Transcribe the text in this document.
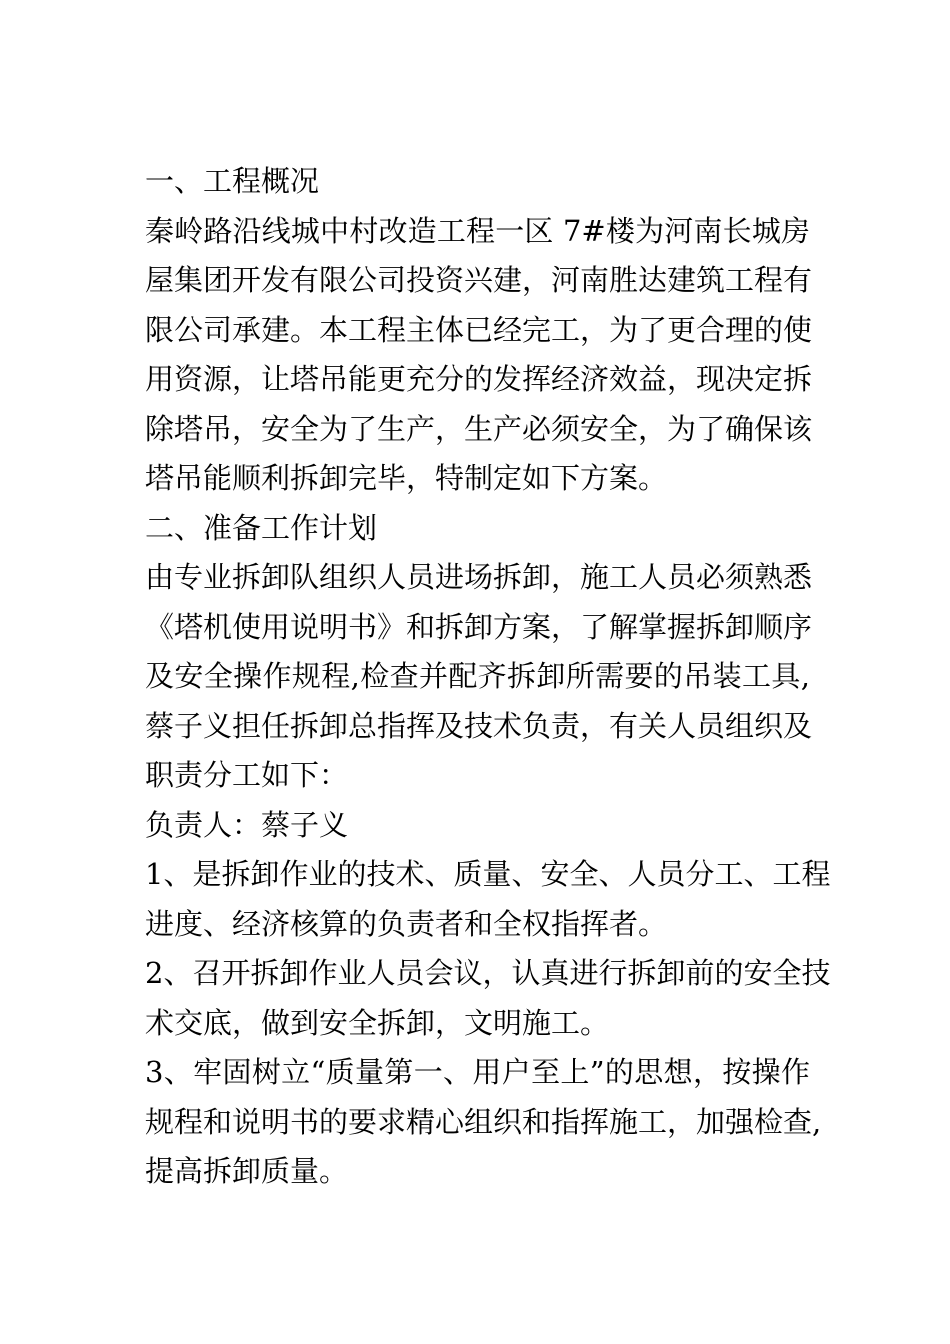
一、工程概况
秦岭路沿线城中村改造工程一区 7#楼为河南长城房
屋集团开发有限公司投资兴建，河南胜达建筑工程有
限公司承建。本工程主体已经完工，为了更合理的使
用资源，让塔吊能更充分的发挥经济效益，现决定拆
除塔吊，安全为了生产，生产必须安全，为了确保该
塔吊能顺利拆卸完毕，特制定如下方案。
二、准备工作计划
由专业拆卸队组织人员进场拆卸，施工人员必须熟悉
《塔机使用说明书》和拆卸方案，了解掌握拆卸顺序
及安全操作规程,检查并配齐拆卸所需要的吊装工具,
蔡子义担任拆卸总指挥及技术负责，有关人员组织及
职责分工如下：
负责人：蔡子义
1、是拆卸作业的技术、质量、安全、人员分工、工程
进度、经济核算的负责者和全权指挥者。
2、召开拆卸作业人员会议，认真进行拆卸前的安全技
术交底，做到安全拆卸，文明施工。
3、牢固树立“质量第一、用户至上”的思想，按操作
规程和说明书的要求精心组织和指挥施工，加强检查,
提高拆卸质量。
